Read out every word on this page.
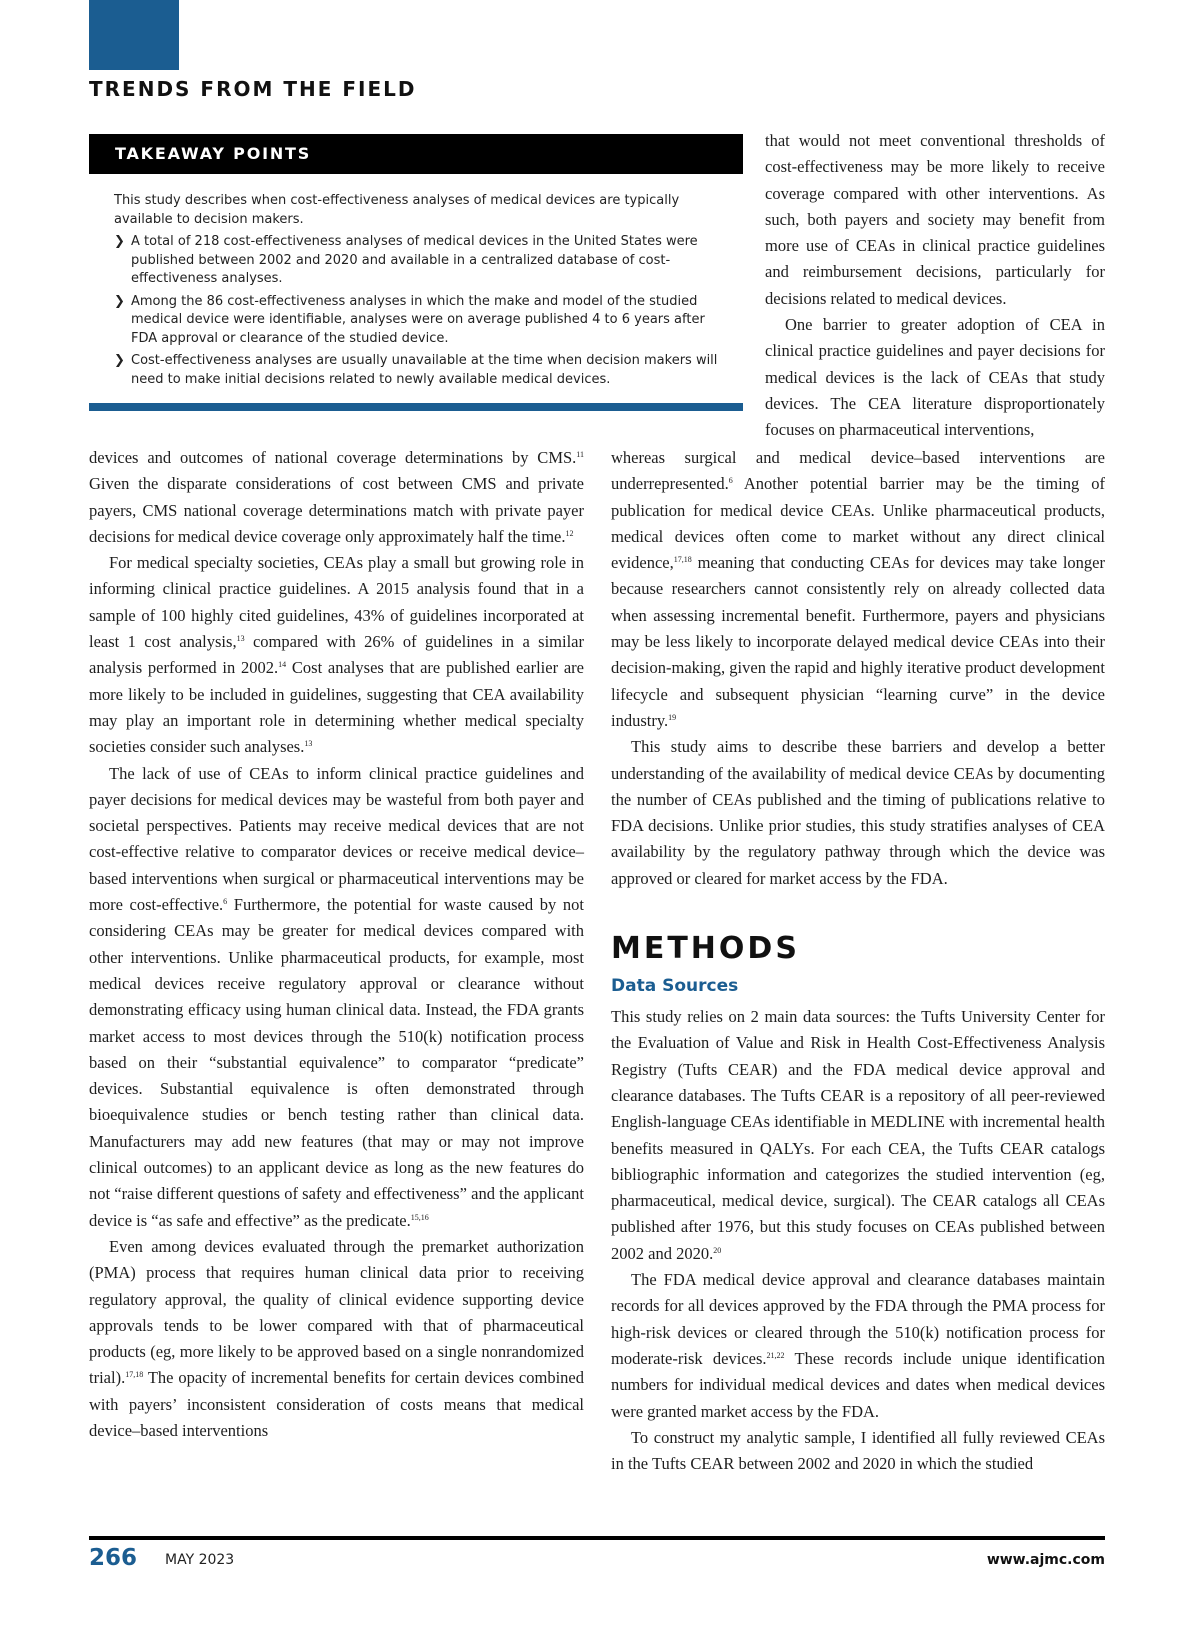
TRENDS FROM THE FIELD
TAKEAWAY POINTS

This study describes when cost-effectiveness analyses of medical devices are typically available to decision makers.

❯ A total of 218 cost-effectiveness analyses of medical devices in the United States were published between 2002 and 2020 and available in a centralized database of cost-effectiveness analyses.
❯ Among the 86 cost-effectiveness analyses in which the make and model of the studied medical device were identifiable, analyses were on average published 4 to 6 years after FDA approval or clearance of the studied device.
❯ Cost-effectiveness analyses are usually unavailable at the time when decision makers will need to make initial decisions related to newly available medical devices.

that would not meet conventional thresholds of cost-effectiveness may be more likely to receive coverage compared with other interventions. As such, both payers and society may benefit from more use of CEAs in clinical practice guidelines and reimbursement decisions, particularly for decisions related to medical devices.

One barrier to greater adoption of CEA in clinical practice guidelines and payer decisions for medical devices is the lack of CEAs that study devices. The CEA literature disproportionately focuses on pharmaceutical interventions,

devices and outcomes of national coverage determinations by CMS.$^{11}$ Given the disparate considerations of cost between CMS and private payers, CMS national coverage determinations match with private payer decisions for medical device coverage only approximately half the time.$^{12}$

For medical specialty societies, CEAs play a small but growing role in informing clinical practice guidelines. A 2015 analysis found that in a sample of 100 highly cited guidelines, 43% of guidelines incorporated at least 1 cost analysis,$^{13}$ compared with 26% of guidelines in a similar analysis performed in 2002.14 Cost analyses that are published earlier are more likely to be included in guidelines, suggesting that CEA availability may play an important role in determining whether medical specialty societies consider such analyses.$^{13}$

The lack of use of CEAs to inform clinical practice guidelines and payer decisions for medical devices may be wasteful from both payer and societal perspectives. Patients may receive medical devices that are not cost-effective relative to comparator devices or receive medical device–based interventions when surgical or pharmaceutical interventions may be more cost-effective.$^6$ Furthermore, the potential for waste caused by not considering CEAs may be greater for medical devices compared with other interventions. Unlike pharmaceutical products, for example, most medical devices receive regulatory approval or clearance without demonstrating efficacy using human clinical data. Instead, the FDA grants market access to most devices through the 510(k) notification process based on their “substantial equivalence” to comparator “predicate” devices. Substantial equivalence is often demonstrated through bioequivalence studies or bench testing rather than clinical data. Manufacturers may add new features (that may or may not improve clinical outcomes) to an applicant device as long as the new features do not “raise different questions of safety and effectiveness” and the applicant device is “as safe and effective” as the predicate.$^{15,16}$

Even among devices evaluated through the premarket authorization (PMA) process that requires human clinical data prior to receiving regulatory approval, the quality of clinical evidence supporting device approvals tends to be lower compared with that of pharmaceutical products (eg, more likely to be approved based on a single nonrandomized trial).$^{17,18}$ The opacity of incremental benefits for certain devices combined with payers’ inconsistent consideration of costs means that medical device–based interventions

whereas surgical and medical device–based interventions are underrepresented.$^6$ Another potential barrier may be the timing of publication for medical device CEAs. Unlike pharmaceutical products, medical devices often come to market without any direct clinical evidence,$^{17,18}$ meaning that conducting CEAs for devices may take longer because researchers cannot consistently rely on already collected data when assessing incremental benefit. Furthermore, payers and physicians may be less likely to incorporate delayed medical device CEAs into their decision-making, given the rapid and highly iterative product development lifecycle and subsequent physician “learning curve” in the device industry.$^{19}$

This study aims to describe these barriers and develop a better understanding of the availability of medical device CEAs by documenting the number of CEAs published and the timing of publications relative to FDA decisions. Unlike prior studies, this study stratifies analyses of CEA availability by the regulatory pathway through which the device was approved or cleared for market access by the FDA.

METHODS
Data Sources

This study relies on 2 main data sources: the Tufts University Center for the Evaluation of Value and Risk in Health Cost-Effectiveness Analysis Registry (Tufts CEAR) and the FDA medical device approval and clearance databases. The Tufts CEAR is a repository of all peer-reviewed English-language CEAs identifiable in MEDLINE with incremental health benefits measured in QALYs. For each CEA, the Tufts CEAR catalogs bibliographic information and categorizes the studied intervention (eg, pharmaceutical, medical device, surgical). The CEAR catalogs all CEAs published after 1976, but this study focuses on CEAs published between 2002 and 2020.20

The FDA medical device approval and clearance databases maintain records for all devices approved by the FDA through the PMA process for high-risk devices or cleared through the 510(k) notification process for moderate-risk devices.$^{21,22}$ These records include unique identification numbers for individual medical devices and dates when medical devices were granted market access by the FDA.

To construct my analytic sample, I identified all fully reviewed CEAs in the Tufts CEAR between 2002 and 2020 in which the studied

266 MAY 2023	www.ajmc.com
